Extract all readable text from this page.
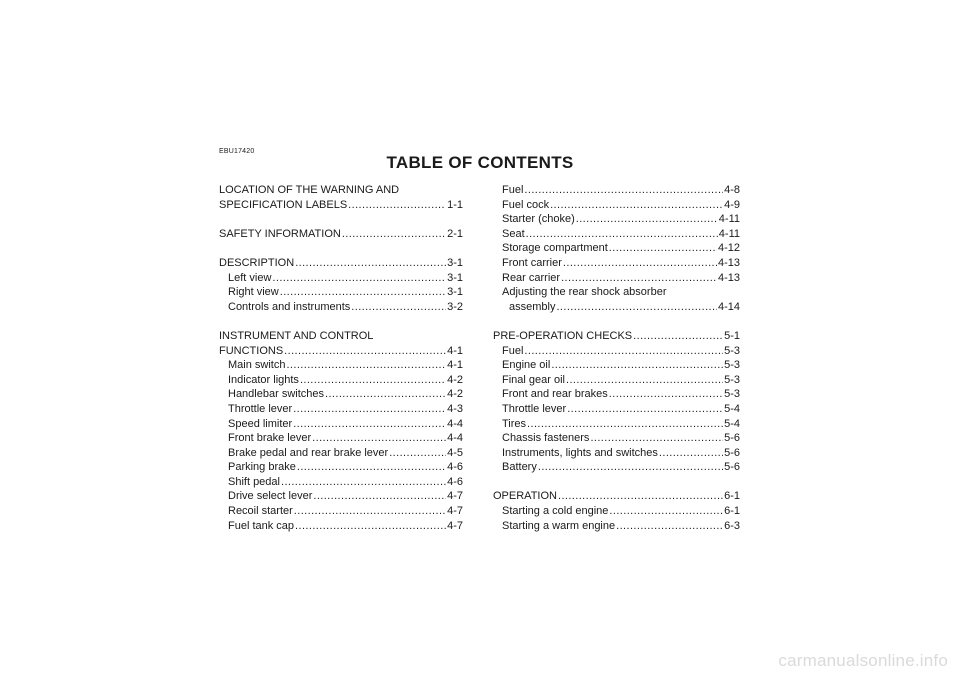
EBU17420
TABLE OF CONTENTS
LOCATION OF THE WARNING AND
SPECIFICATION LABELS .....	1-1
SAFETY INFORMATION .....	2-1
DESCRIPTION .....	3-1
Left view .....	3-1
Right view .....	3-1
Controls and instruments .....	3-2
INSTRUMENT AND CONTROL
FUNCTIONS .....	4-1
Main switch .....	4-1
Indicator lights .....	4-2
Handlebar switches .....	4-2
Throttle lever .....	4-3
Speed limiter .....	4-4
Front brake lever .....	4-4
Brake pedal and rear brake lever .....	4-5
Parking brake .....	4-6
Shift pedal .....	4-6
Drive select lever .....	4-7
Recoil starter .....	4-7
Fuel tank cap .....	4-7
Fuel .....	4-8
Fuel cock .....	4-9
Starter (choke) .....	4-11
Seat .....	4-11
Storage compartment .....	4-12
Front carrier .....	4-13
Rear carrier .....	4-13
Adjusting the rear shock absorber
assembly .....	4-14
PRE-OPERATION CHECKS .....	5-1
Fuel .....	5-3
Engine oil .....	5-3
Final gear oil .....	5-3
Front and rear brakes .....	5-3
Throttle lever .....	5-4
Tires .....	5-4
Chassis fasteners .....	5-6
Instruments, lights and switches .....	5-6
Battery .....	5-6
OPERATION .....	6-1
Starting a cold engine .....	6-1
Starting a warm engine .....	6-3
carmanualsonline.info
